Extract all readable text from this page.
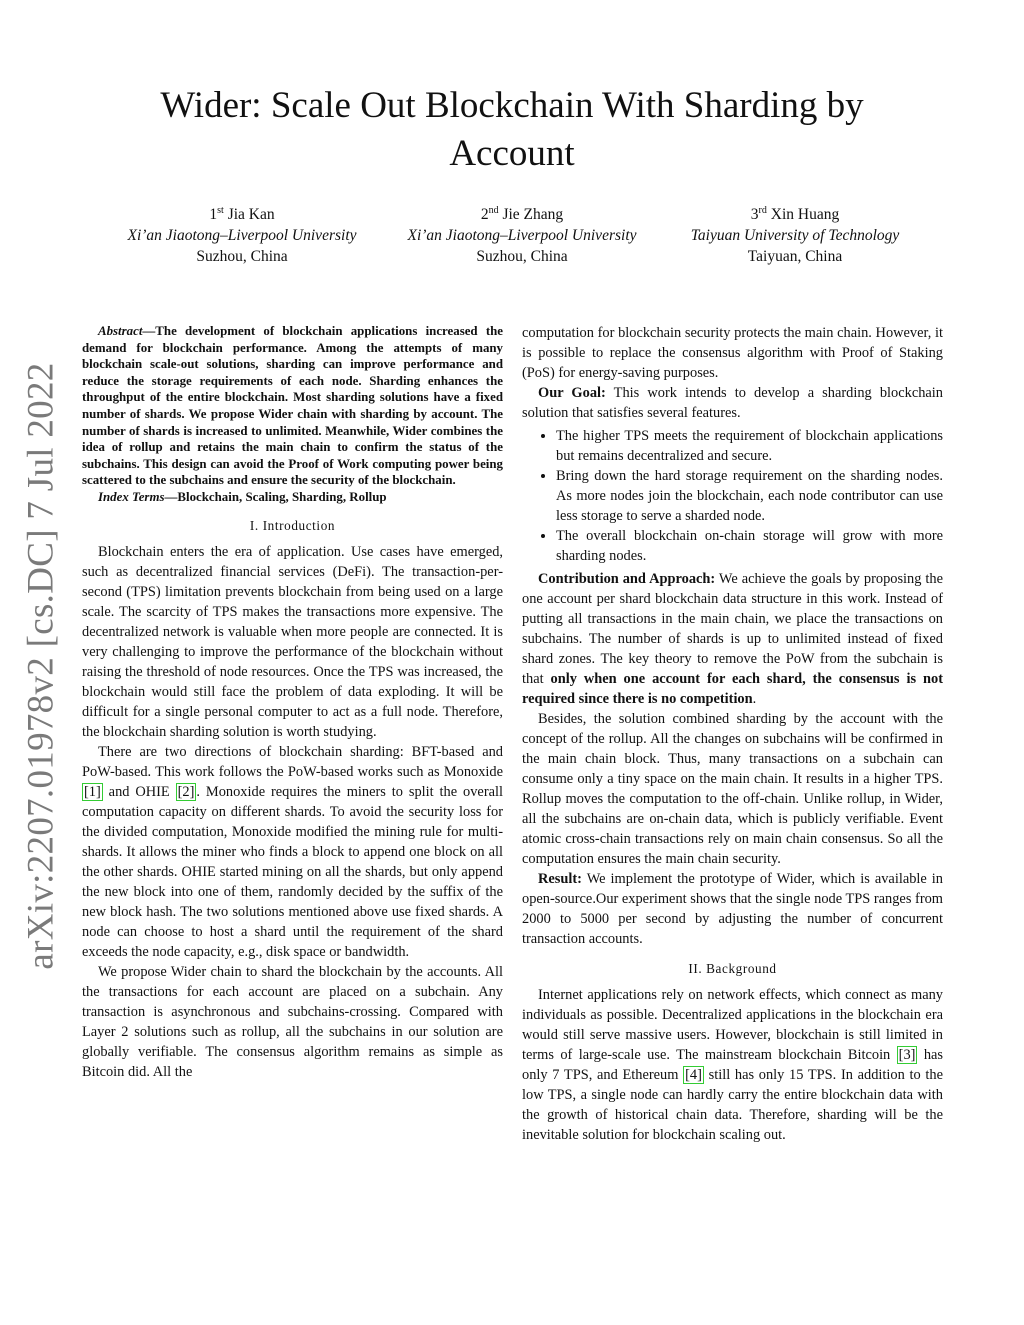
arXiv:2207.01978v2 [cs.DC] 7 Jul 2022
Wider: Scale Out Blockchain With Sharding by
Account
1st Jia Kan
Xi’an Jiaotong–Liverpool University
Suzhou, China
2nd Jie Zhang
Xi’an Jiaotong–Liverpool University
Suzhou, China
3rd Xin Huang
Taiyuan University of Technology
Taiyuan, China

Abstract—The development of blockchain applications increased the demand for blockchain performance. Among the attempts of many blockchain scale-out solutions, sharding can improve performance and reduce the storage requirements of each node. Sharding enhances the throughput of the entire blockchain. Most sharding solutions have a fixed number of shards. We propose Wider chain with sharding by account. The number of shards is increased to unlimited. Meanwhile, Wider combines the idea of rollup and retains the main chain to confirm the status of the subchains. This design can avoid the Proof of Work computing power being scattered to the subchains and ensure the security of the blockchain.

Index Terms—Blockchain, Scaling, Sharding, Rollup

I. Introduction

Blockchain enters the era of application. Use cases have emerged, such as decentralized financial services (DeFi). The transaction-per-second (TPS) limitation prevents blockchain from being used on a large scale. The scarcity of TPS makes the transactions more expensive. The decentralized network is valuable when more people are connected. It is very challenging to improve the performance of the blockchain without raising the threshold of node resources. Once the TPS was increased, the blockchain would still face the problem of data exploding. It will be difficult for a single personal computer to act as a full node. Therefore, the blockchain sharding solution is worth studying.

There are two directions of blockchain sharding: BFT-based and PoW-based. This work follows the PoW-based works such as Monoxide [1] and OHIE [2] . Monoxide requires the miners to split the overall computation capacity on different shards. To avoid the security loss for the divided computation, Monoxide modified the mining rule for multi-shards. It allows the miner who finds a block to append one block on all the other shards. OHIE started mining on all the shards, but only append the new block into one of them, randomly decided by the suffix of the new block hash. The two solutions mentioned above use fixed shards. A node can choose to host a shard until the requirement of the shard exceeds the node capacity, e.g., disk space or bandwidth.

We propose Wider chain to shard the blockchain by the accounts. All the transactions for each account are placed on a subchain. Any transaction is asynchronous and subchains-crossing. Compared with Layer 2 solutions such as rollup, all the subchains in our solution are globally verifiable. The consensus algorithm remains as simple as Bitcoin did. All the

computation for blockchain security protects the main chain. However, it is possible to replace the consensus algorithm with Proof of Staking (PoS) for energy-saving purposes.

Our Goal: This work intends to develop a sharding blockchain solution that satisfies several features.

• The higher TPS meets the requirement of blockchain applications but remains decentralized and secure.
• Bring down the hard storage requirement on the sharding nodes. As more nodes join the blockchain, each node contributor can use less storage to serve a sharded node.
• The overall blockchain on-chain storage will grow with more sharding nodes.

Contribution and Approach: We achieve the goals by proposing the one account per shard blockchain data structure in this work. Instead of putting all transactions in the main chain, we place the transactions on subchains. The number of shards is up to unlimited instead of fixed shard zones. The key theory to remove the PoW from the subchain is that only when one account for each shard, the consensus is not required since there is no competition.

Besides, the solution combined sharding by the account with the concept of the rollup. All the changes on subchains will be confirmed in the main chain block. Thus, many transactions on a subchain can consume only a tiny space on the main chain. It results in a higher TPS. Rollup moves the computation to the off-chain. Unlike rollup, in Wider, all the subchains are on-chain data, which is publicly verifiable. Event atomic cross-chain transactions rely on main chain consensus. So all the computation ensures the main chain security.

Result: We implement the prototype of Wider, which is available in open-source.Our experiment shows that the single node TPS ranges from 2000 to 5000 per second by adjusting the number of concurrent transaction accounts.

II. Background

Internet applications rely on network effects, which connect as many individuals as possible. Decentralized applications in the blockchain era would still serve massive users. However, blockchain is still limited in terms of large-scale use. The mainstream blockchain Bitcoin [3] has only 7 TPS, and Ethereum [4] still has only 15 TPS. In addition to the low TPS, a single node can hardly carry the entire blockchain data with the growth of historical chain data. Therefore, sharding will be the inevitable solution for blockchain scaling out.
